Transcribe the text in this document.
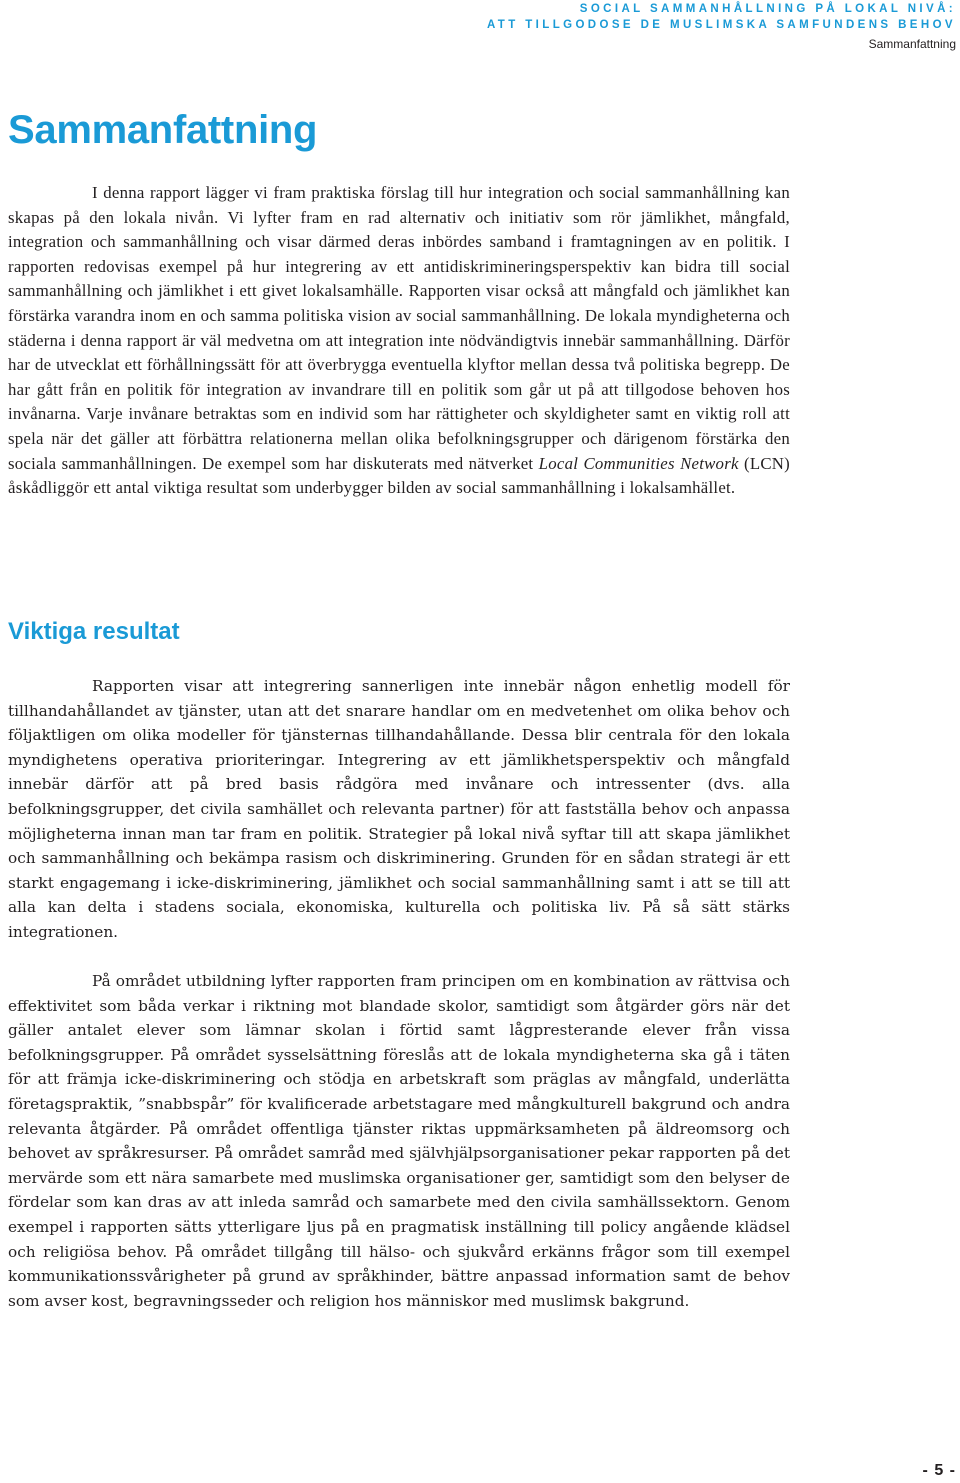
SOCIAL SAMMANHÅLLNING PÅ LOKAL NIVÅ:
ATT TILLGODOSE DE MUSLIMSKA SAMFUNDENS BEHOV
Sammanfattning
Sammanfattning

I denna rapport lägger vi fram praktiska förslag till hur integration och social sammanhållning kan skapas på den lokala nivån. Vi lyfter fram en rad alternativ och initiativ som rör jämlikhet, mångfald, integration och sammanhållning och visar därmed deras inbördes samband i framtagningen av en politik. I rapporten redovisas exempel på hur integrering av ett antidiskrimineringsperspektiv kan bidra till social sammanhållning och jämlikhet i ett givet lokalsamhälle. Rapporten visar också att mångfald och jämlikhet kan förstärka varandra inom en och samma politiska vision av social sammanhållning. De lokala myndigheterna och städerna i denna rapport är väl medvetna om att integration inte nödvändigtvis innebär sammanhållning. Därför har de utvecklat ett förhållningssätt för att överbrygga eventuella klyftor mellan dessa två politiska begrepp. De har gått från en politik för integration av invandrare till en politik som går ut på att tillgodose behoven hos invånarna. Varje invånare betraktas som en individ som har rättigheter och skyldigheter samt en viktig roll att spela när det gäller att förbättra relationerna mellan olika befolkningsgrupper och därigenom förstärka den sociala sammanhållningen. De exempel som har diskuterats med nätverket Local Communities Network (LCN) åskådliggör ett antal viktiga resultat som underbygger bilden av social sammanhållning i lokalsamhället.

Viktiga resultat

Rapporten visar att integrering sannerligen inte innebär någon enhetlig modell för tillhandahållandet av tjänster, utan att det snarare handlar om en medvetenhet om olika behov och följaktligen om olika modeller för tjänsternas tillhandahållande. Dessa blir centrala för den lokala myndighetens operativa prioriteringar. Integrering av ett jämlikhetsperspektiv och mångfald innebär därför att på bred basis rådgöra med invånare och intressenter (dvs. alla befolkningsgrupper, det civila samhället och relevanta partner) för att fastställa behov och anpassa möjligheterna innan man tar fram en politik. Strategier på lokal nivå syftar till att skapa jämlikhet och sammanhållning och bekämpa rasism och diskriminering. Grunden för en sådan strategi är ett starkt engagemang i icke-diskriminering, jämlikhet och social sammanhållning samt i att se till att alla kan delta i stadens sociala, ekonomiska, kulturella och politiska liv. På så sätt stärks integrationen.

På området utbildning lyfter rapporten fram principen om en kombination av rättvisa och effektivitet som båda verkar i riktning mot blandade skolor, samtidigt som åtgärder görs när det gäller antalet elever som lämnar skolan i förtid samt lågpresterande elever från vissa befolkningsgrupper. På området sysselsättning föreslås att de lokala myndigheterna ska gå i täten för att främja icke-diskriminering och stödja en arbetskraft som präglas av mångfald, underlätta företagspraktik, ”snabbspår” för kvalificerade arbetstagare med mångkulturell bakgrund och andra relevanta åtgärder. På området offentliga tjänster riktas uppmärksamheten på äldreomsorg och behovet av språkresurser. På området samråd med självhjälpsorganisationer pekar rapporten på det mervärde som ett nära samarbete med muslimska organisationer ger, samtidigt som den belyser de fördelar som kan dras av att inleda samråd och samarbete med den civila samhällssektorn. Genom exempel i rapporten sätts ytterligare ljus på en pragmatisk inställning till policy angående klädsel och religiösa behov. På området tillgång till hälso- och sjukvård erkänns frågor som till exempel kommunikationssvårigheter på grund av språkhinder, bättre anpassad information samt de behov som avser kost, begravningsseder och religion hos människor med muslimsk bakgrund.

- 5 -
